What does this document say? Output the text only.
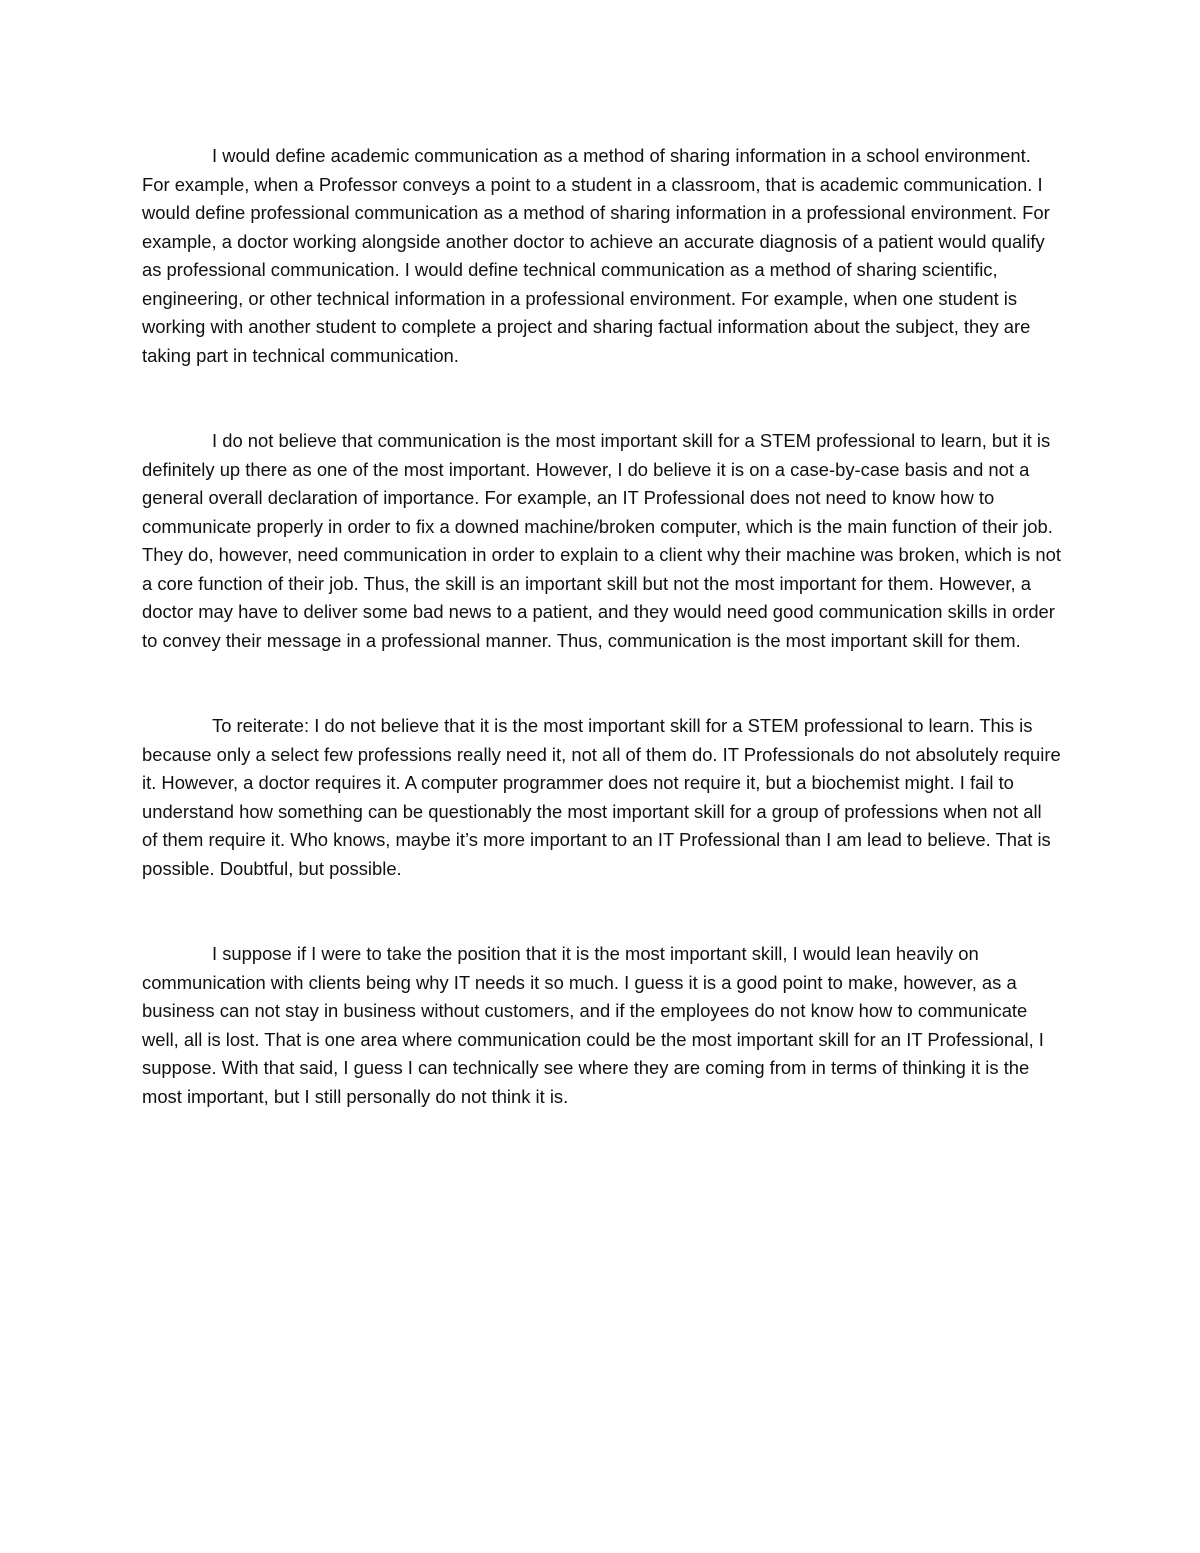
I would define academic communication as a method of sharing information in a school environment. For example, when a Professor conveys a point to a student in a classroom, that is academic communication. I would define professional communication as a method of sharing information in a professional environment. For example, a doctor working alongside another doctor to achieve an accurate diagnosis of a patient would qualify as professional communication. I would define technical communication as a method of sharing scientific, engineering, or other technical information in a professional environment. For example, when one student is working with another student to complete a project and sharing factual information about the subject, they are taking part in technical communication.

I do not believe that communication is the most important skill for a STEM professional to learn, but it is definitely up there as one of the most important. However, I do believe it is on a case-by-case basis and not a general overall declaration of importance. For example, an IT Professional does not need to know how to communicate properly in order to fix a downed machine/broken computer, which is the main function of their job. They do, however, need communication in order to explain to a client why their machine was broken, which is not a core function of their job. Thus, the skill is an important skill but not the most important for them. However, a doctor may have to deliver some bad news to a patient, and they would need good communication skills in order to convey their message in a professional manner. Thus, communication is the most important skill for them.

To reiterate: I do not believe that it is the most important skill for a STEM professional to learn. This is because only a select few professions really need it, not all of them do. IT Professionals do not absolutely require it. However, a doctor requires it. A computer programmer does not require it, but a biochemist might. I fail to understand how something can be questionably the most important skill for a group of professions when not all of them require it. Who knows, maybe it’s more important to an IT Professional than I am lead to believe. That is possible. Doubtful, but possible.

I suppose if I were to take the position that it is the most important skill, I would lean heavily on communication with clients being why IT needs it so much. I guess it is a good point to make, however, as a business can not stay in business without customers, and if the employees do not know how to communicate well, all is lost. That is one area where communication could be the most important skill for an IT Professional, I suppose. With that said, I guess I can technically see where they are coming from in terms of thinking it is the most important, but I still personally do not think it is.
